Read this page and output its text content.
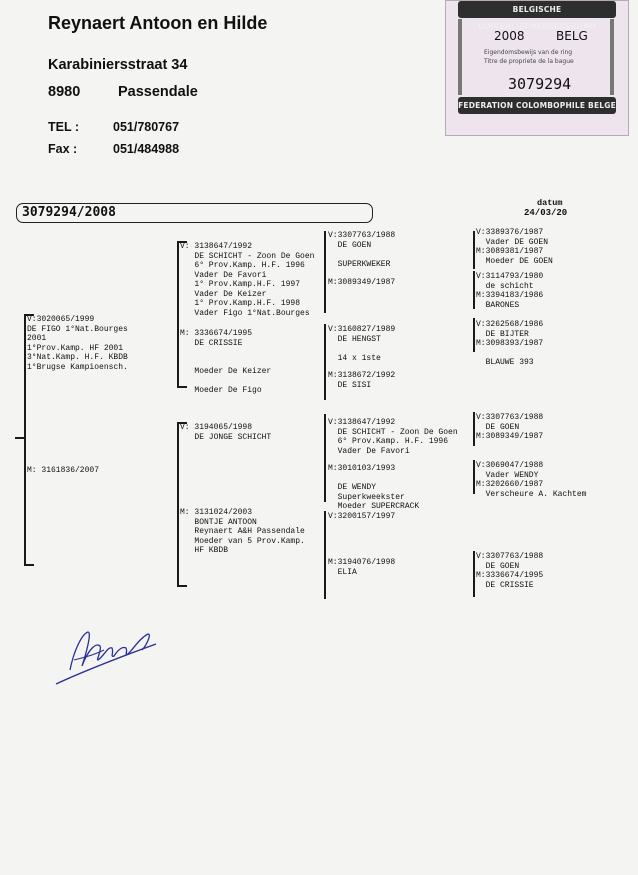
Reynaert Antoon en Hilde
Karabiniersstraat 34
8980	Passendale
TEL :	051/780767
Fax :	051/484988
BELGISCHE DUIVENLIEFHEBBERSBOND
2008	BELG
Eigendomsbewijs van de ring
Titre de propriete de la bague
3079294
FEDERATION COLOMBOPHILE BELGE
3079294/2008
datum
24/03/20
V:3020065/1999
DE FIGO 1°Nat.Bourges
2001
1°Prov.Kamp. HF 2001
3°Nat.Kamp. H.F. KBDB
1°Brugse Kampioensch.
M: 3161836/2007
V: 3138647/1992
DE SCHICHT - Zoon De Goen
6° Prov.Kamp. H.F. 1996
Vader De Favori
1° Prov.Kamp.H.F. 1997
Vader De Keizer
1° Prov.Kamp.H.F. 1998
Vader Figo 1°Nat.Bourges
M: 3336674/1995
DE CRISSIE

Moeder De Keizer

Moeder De Figo
V: 3194065/1998
DE JONGE SCHICHT
M: 3131024/2003
BONTJE ANTOON
Reynaert A&H Passendale
Moeder van 5 Prov.Kamp.
HF KBDB
V:3307763/1988
DE GOEN

SUPERKWEKER
M:3089349/1987
V:3160827/1989
DE HENGST

14 x 1ste
M:3138672/1992
DE SISI
V:3138647/1992
DE SCHICHT - Zoon De Goen
6° Prov.Kamp. H.F. 1996
Vader De Favori
M:3010103/1993

DE WENDY
Superkweekster
Moeder SUPERCRACK
V:3200157/1997
M:3194076/1998
ELIA
V:3389376/1987
Vader DE GOEN
M:3089381/1987
Moeder DE GOEN
V:3114793/1980
de schicht
M:3394183/1986
BARONES
V:3262568/1986
DE BIJTER
M:3098393/1987

BLAUWE 393
V:3307763/1988
DE GOEN
M:3089349/1987
V:3069047/1988
Vader WENDY
M:3202660/1987
Verscheure A. Kachtem
V:3307763/1988
DE GOEN
M:3336674/1995
DE CRISSIE
